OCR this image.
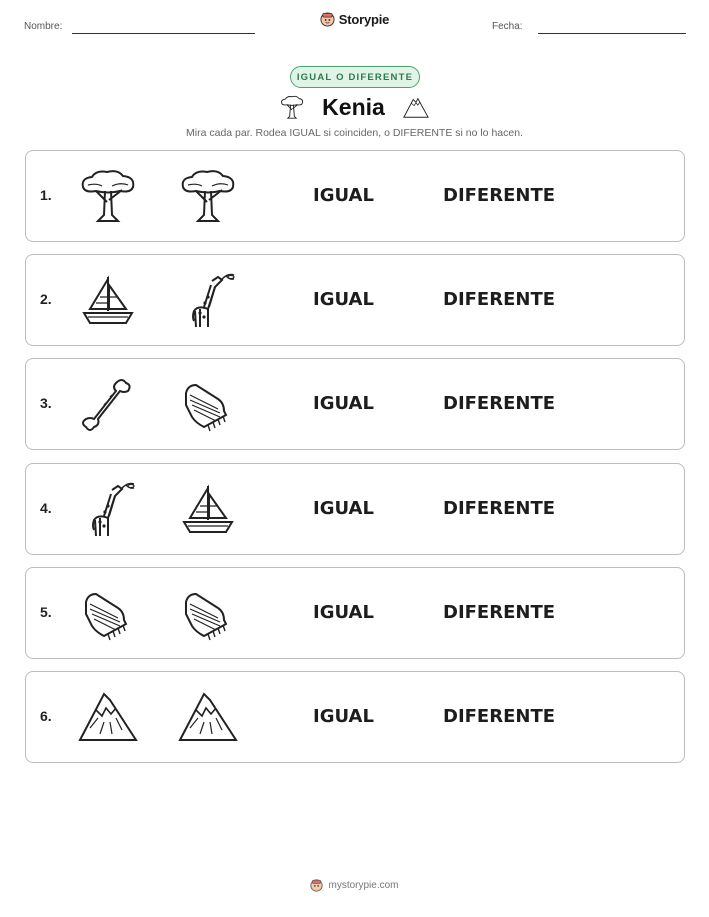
Nombre:	Storypie	Fecha:
IGUAL O DIFERENTE
Kenia
Mira cada par. Rodea IGUAL si coinciden, o DIFERENTE si no lo hacen.
1.	IGUAL	DIFERENTE
2.	IGUAL	DIFERENTE
3.	IGUAL	DIFERENTE
4.	IGUAL	DIFERENTE
5.	IGUAL	DIFERENTE
6.	IGUAL	DIFERENTE
mystorypie.com
